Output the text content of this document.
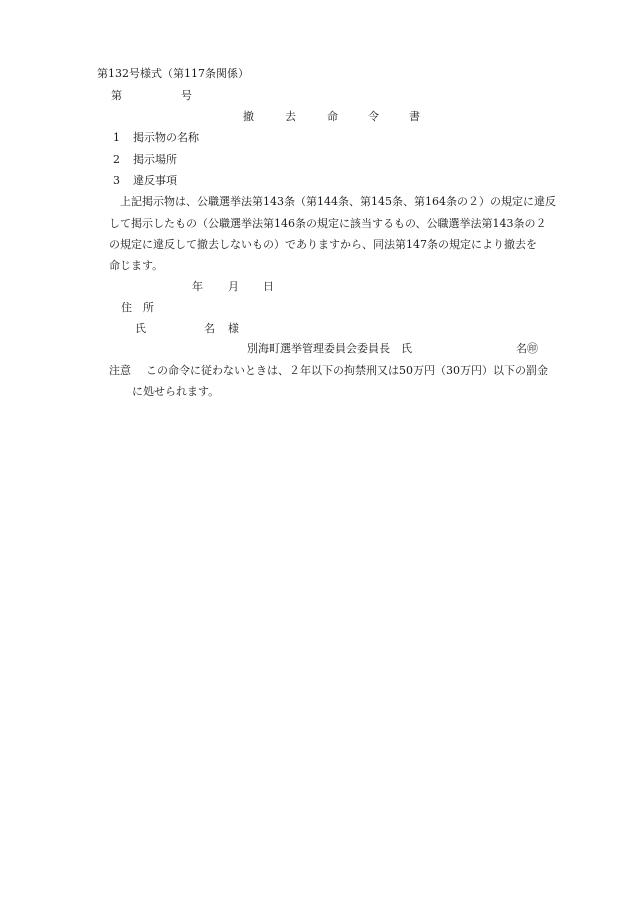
第132号様式（第117条関係）
第	号
撤	去	命	令	書
1 掲示物の名称
2 掲示場所
3 違反事項
上記掲示物は、公職選挙法第143条（第144条、第145条、第164条の２）の規定に違反
して掲示したもの（公職選挙法第146条の規定に該当するもの、公職選挙法第143条の２
の規定に違反して撤去しないもの）でありますから、同法第147条の規定により撤去を
命じます。
年 月 日
住　所
氏	名 様
別海町選挙管理委員会委員長　氏	名㊞
注意 この命令に従わないときは、２年以下の拘禁刑又は50万円（30万円）以下の罰金
に処せられます。
